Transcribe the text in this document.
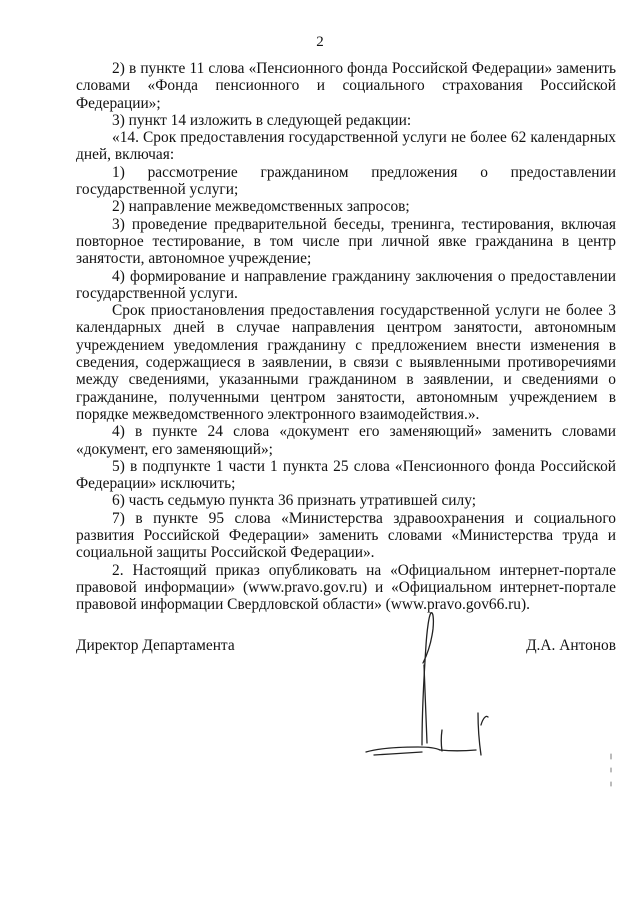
2

2) в пункте 11 слова «Пенсионного фонда Российской Федерации» заменить словами «Фонда пенсионного и социального страхования Российской Федерации»;

3) пункт 14 изложить в следующей редакции:

«14. Срок предоставления государственной услуги не более 62 календарных дней, включая:

1) рассмотрение гражданином предложения о предоставлении государственной услуги;

2) направление межведомственных запросов;

3) проведение предварительной беседы, тренинга, тестирования, включая повторное тестирование, в том числе при личной явке гражданина в центр занятости, автономное учреждение;

4) формирование и направление гражданину заключения о предоставлении государственной услуги.

Срок приостановления предоставления государственной услуги не более 3 календарных дней в случае направления центром занятости, автономным учреждением уведомления гражданину с предложением внести изменения в сведения, содержащиеся в заявлении, в связи с выявленными противоречиями между сведениями, указанными гражданином в заявлении, и сведениями о гражданине, полученными центром занятости, автономным учреждением в порядке межведомственного электронного взаимодействия.».

4) в пункте 24 слова «документ его заменяющий» заменить словами «документ, его заменяющий»;

5) в подпункте 1 части 1 пункта 25 слова «Пенсионного фонда Российской Федерации» исключить;

6) часть седьмую пункта 36 признать утратившей силу;

7) в пункте 95 слова «Министерства здравоохранения и социального развития Российской Федерации» заменить словами «Министерства труда и социальной защиты Российской Федерации».

2. Настоящий приказ опубликовать на «Официальном интернет-портале правовой информации» (www.pravo.gov.ru) и «Официальном интернет-портале правовой информации Свердловской области» (www.pravo.gov66.ru).

Директор Департамента	Д.А. Антонов
